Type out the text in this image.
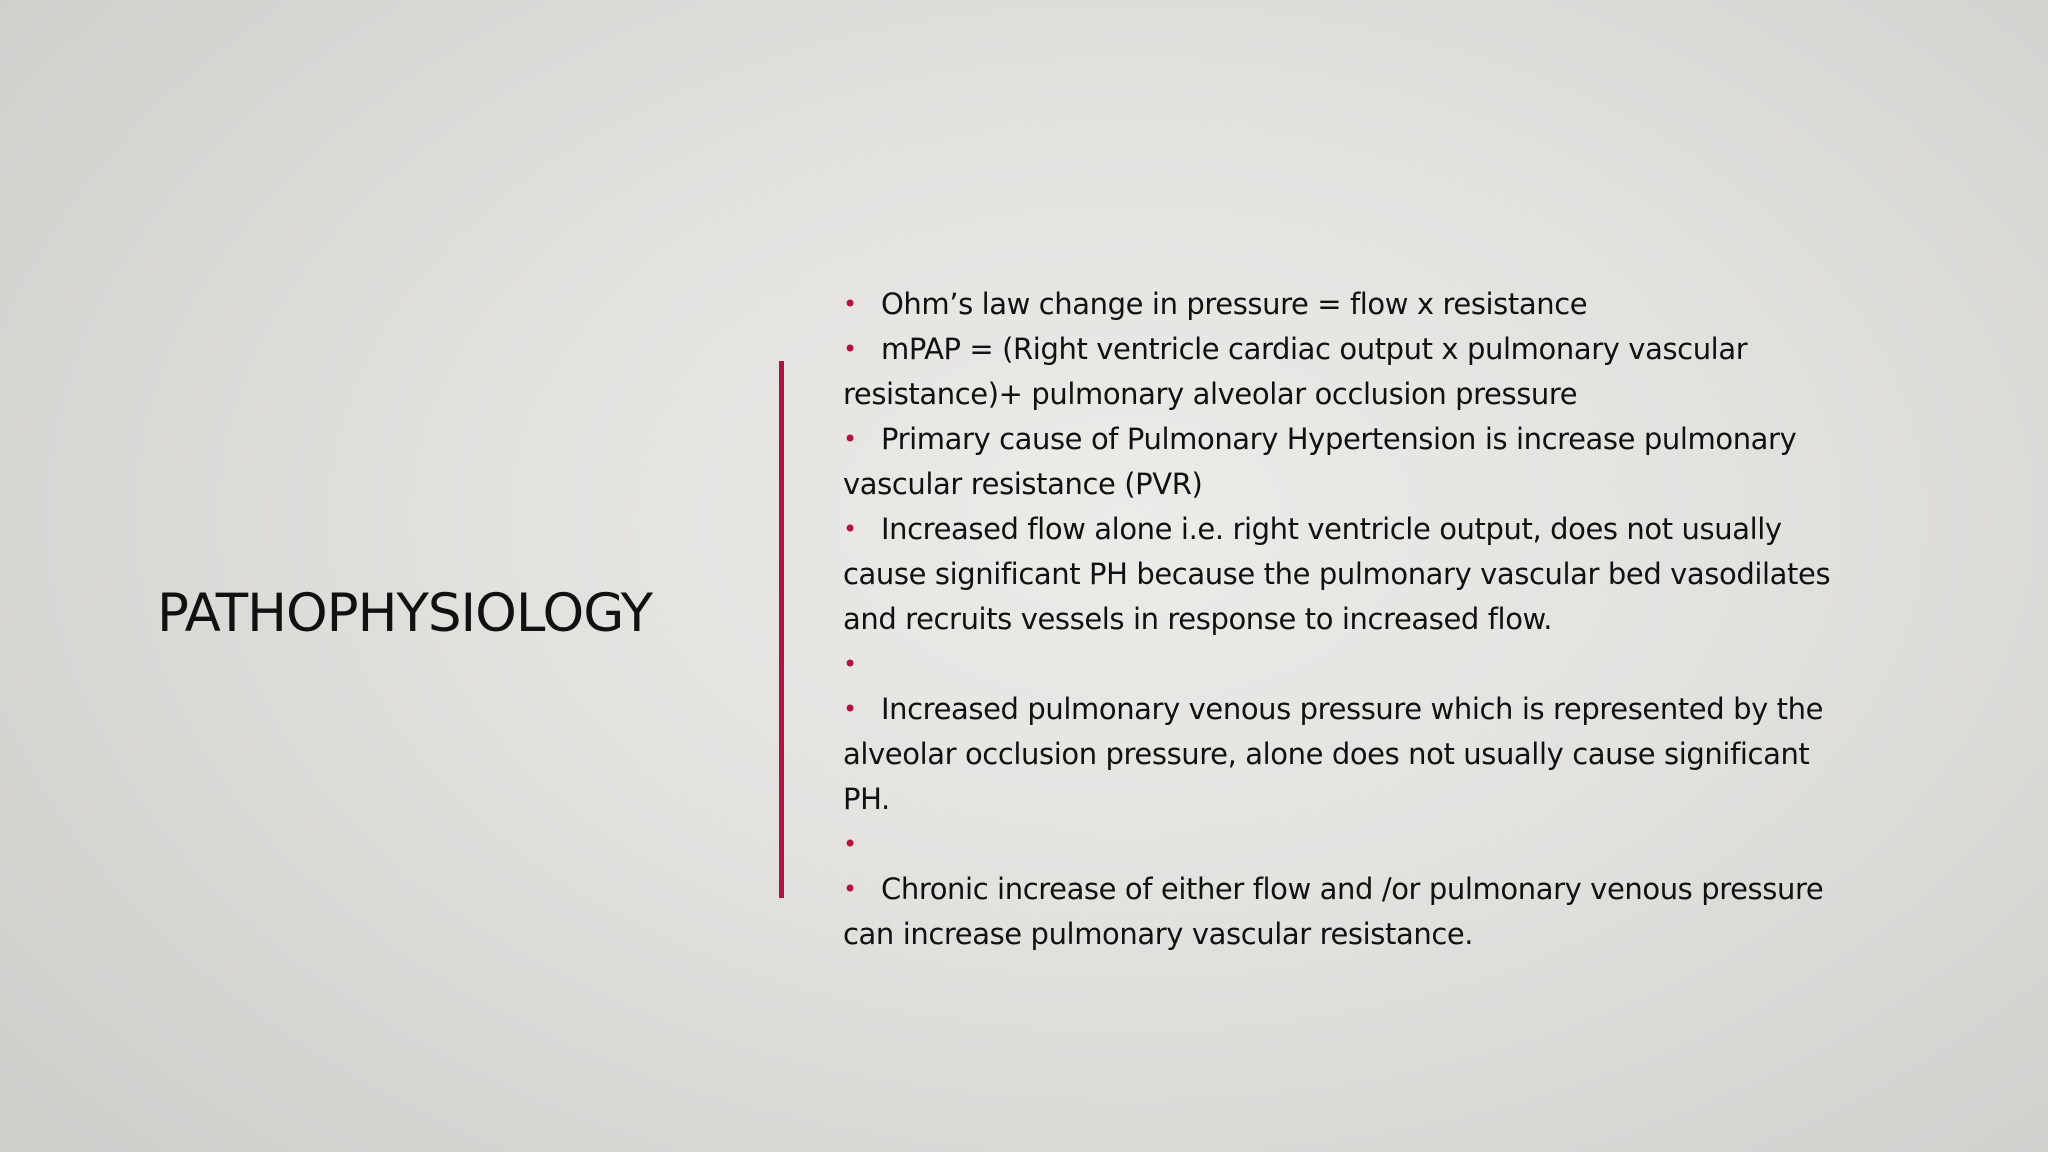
PATHOPHYSIOLOGY
• Ohm’s law change in pressure = flow x resistance
• mPAP = (Right ventricle cardiac output x pulmonary vascular resistance)+ pulmonary alveolar occlusion pressure
• Primary cause of Pulmonary Hypertension is increase pulmonary vascular resistance (PVR)
• Increased flow alone i.e. right ventricle output, does not usually cause significant PH because the pulmonary vascular bed vasodilates and recruits vessels in response to increased flow.
•
• Increased pulmonary venous pressure which is represented by the alveolar occlusion pressure, alone does not usually cause significant PH.
•
• Chronic increase of either flow and /or pulmonary venous pressure can increase pulmonary vascular resistance.
